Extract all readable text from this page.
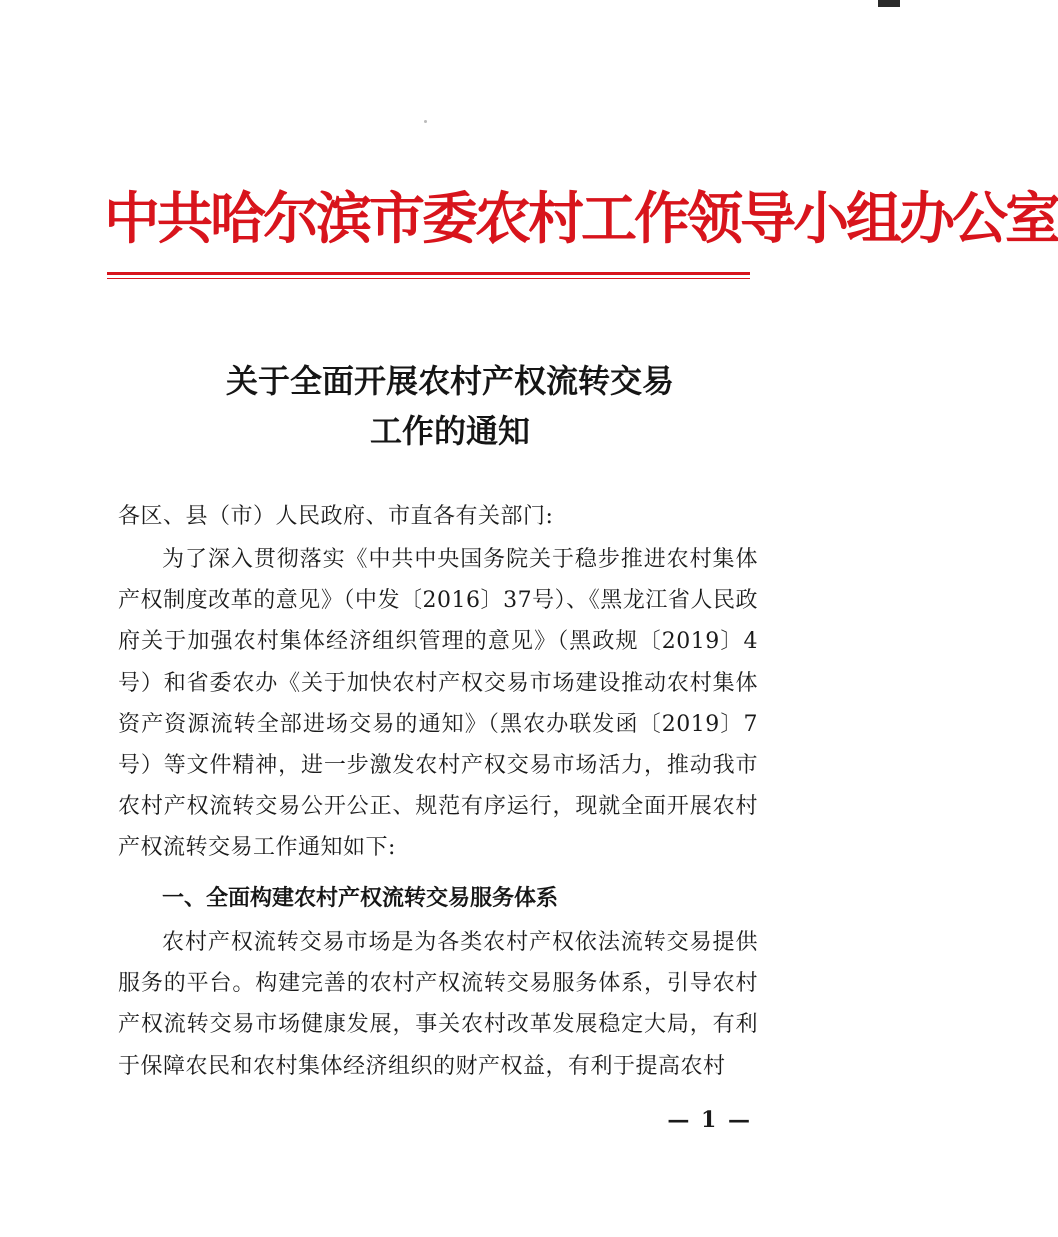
中共哈尔滨市委农村工作领导小组办公室
关于全面开展农村产权流转交易
工作的通知
各区、县（市）人民政府、市直各有关部门:
为了深入贯彻落实《中共中央国务院关于稳步推进农村集体产权制度改革的意见》（中发〔2016〕37号）、《黑龙江省人民政府关于加强农村集体经济组织管理的意见》（黑政规〔2019〕4号）和省委农办《关于加快农村产权交易市场建设推动农村集体资产资源流转全部进场交易的通知》（黑农办联发函〔2019〕7号）等文件精神，进一步激发农村产权交易市场活力，推动我市农村产权流转交易公开公正、规范有序运行，现就全面开展农村产权流转交易工作通知如下:
一、全面构建农村产权流转交易服务体系
农村产权流转交易市场是为各类农村产权依法流转交易提供服务的平台。构建完善的农村产权流转交易服务体系，引导农村产权流转交易市场健康发展，事关农村改革发展稳定大局，有利于保障农民和农村集体经济组织的财产权益，有利于提高农村
— 1 —
